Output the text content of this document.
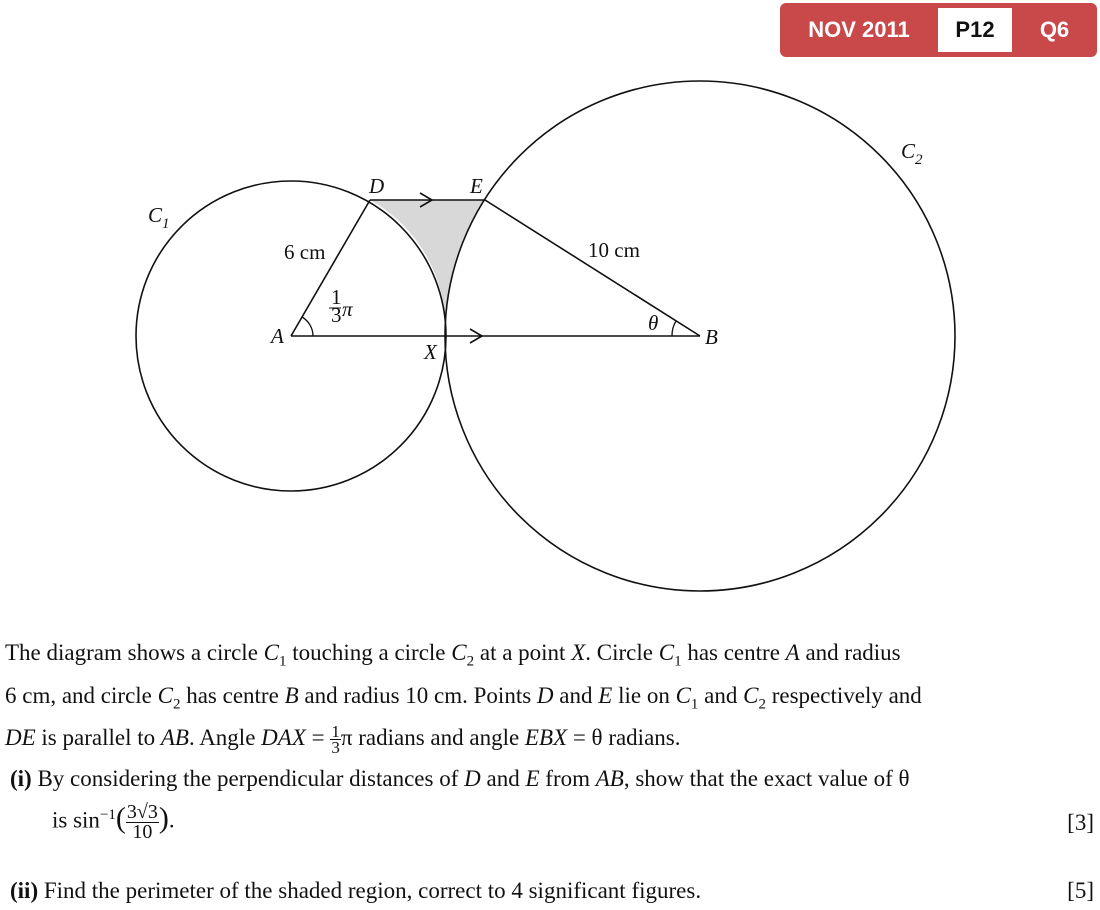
NOV 2011	P12	Q6
$C_1$
$C_2$
D	E
A	B
X
6 cm	10 cm
θ
1
3 π

The diagram shows a circle $C_1$ touching a circle $C_2$ at a point X. Circle $C_1$ has centre A and radius

6 cm, and circle $C_2$ has centre B and radius 10 cm. Points D and E lie on $C_1$ and $C_2$ respectively and

DE is parallel to AB. Angle DAX = $\frac{1}{3}$ π radians and angle EBX = θ radians.

(i) By considering the perpendicular distances of D and E from AB, show that the exact value of θ
is $\sin^{-1}( \frac{3√3}{10}$ ).	[3]
(ii) Find the perimeter of the shaded region, correct to 4 significant figures.	[5]
